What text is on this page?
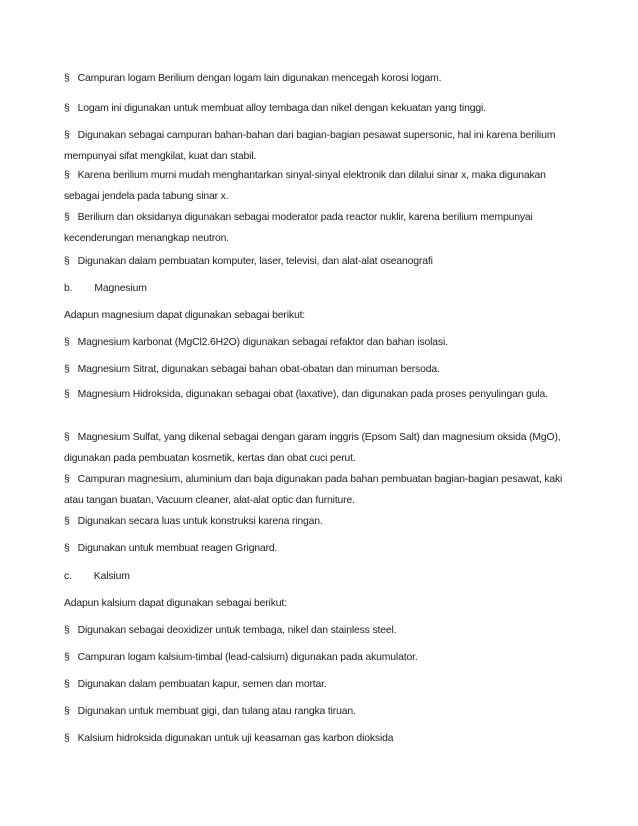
§ Campuran logam Berilium dengan logam lain digunakan mencegah korosi logam.
§ Logam ini digunakan untuk membuat alloy tembaga dan nikel dengan kekuatan yang tinggi.
§ Digunakan sebagai campuran bahan-bahan dari bagian-bagian pesawat supersonic, hal ini karena berilium mempunyai sifat mengkilat, kuat dan stabil.
§ Karena berilium murni mudah menghantarkan sinyal-sinyal elektronik dan dilalui sinar x, maka digunakan sebagai jendela pada tabung sinar x.
§ Berilium dan oksidanya digunakan sebagai moderator pada reactor nuklir, karena berilium mempunyai kecenderungan menangkap neutron.
§ Digunakan dalam pembuatan komputer, laser, televisi, dan alat-alat oseanografi
b. Magnesium
Adapun magnesium dapat digunakan sebagai berikut:
§ Magnesium karbonat (MgCl2.6H2O) digunakan sebagai refaktor dan bahan isolasi.
§ Magnesium Sitrat, digunakan sebagai bahan obat-obatan dan minuman bersoda.
§ Magnesium Hidroksida, digunakan sebagai obat (laxative), dan digunakan pada proses penyulingan gula.
§ Magnesium Sulfat, yang dikenal sebagai dengan garam inggris (Epsom Salt) dan magnesium oksida (MgO), digunakan pada pembuatan kosmetik, kertas dan obat cuci perut.
§ Campuran magnesium, aluminium dan baja digunakan pada bahan pembuatan bagian-bagian pesawat, kaki atau tangan buatan, Vacuum cleaner, alat-alat optic dan furniture.
§ Digunakan secara luas untuk konstruksi karena ringan.
§ Digunakan untuk membuat reagen Grignard.
c. Kalsium
Adapun kalsium dapat digunakan sebagai berikut:
§ Digunakan sebagai deoxidizer untuk tembaga, nikel dan stainless steel.
§ Campuran logam kalsium-timbal (lead-calsium) digunakan pada akumulator.
§ Digunakan dalam pembuatan kapur, semen dan mortar.
§ Digunakan untuk membuat gigi, dan tulang atau rangka tiruan.
§ Kalsium hidroksida digunakan untuk uji keasaman gas karbon dioksida
